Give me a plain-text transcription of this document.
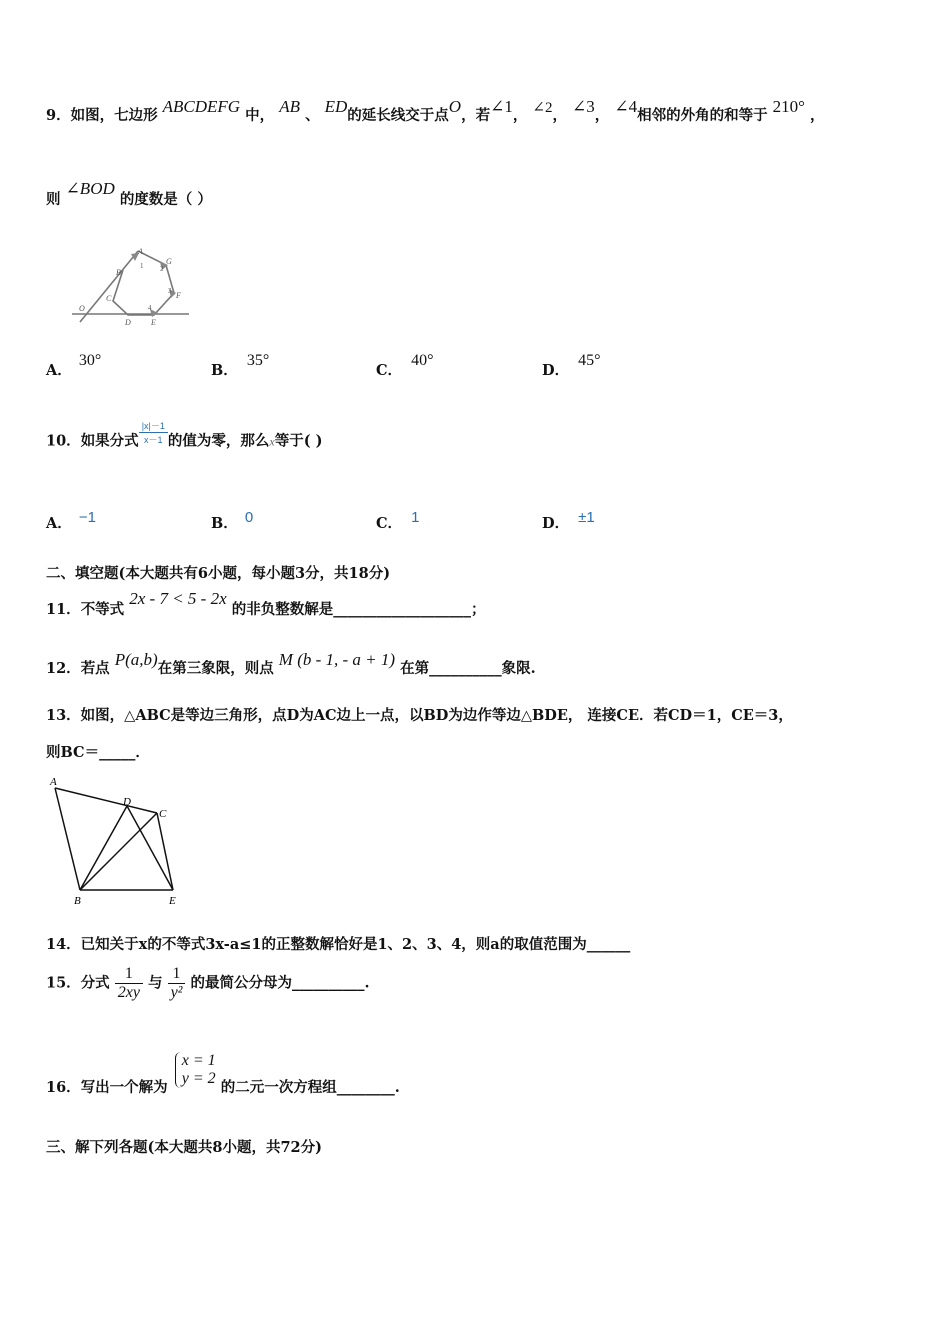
9．如图，七边形 ABCDEFG 中， AB 、 ED的延长线交于点O，若∠1， ∠2， ∠3， ∠4相邻的外角的和等于 210° ，
则 ∠BOD 的度数是（ ）
A
B
C
D	E
F
G
O
1 2
3
4
A． 30°
B． 35°
C． 40°
D． 45°
10．如果分式 $\frac{|x|-1}{x-1}$ 的值为零，那么x等于( )
A． −1	B． 0	C． 1	D． ±1
二、填空题(本大题共有6小题，每小题3分，共18分)
11．不等式 2x - 7 < 5 - 2x 的非负整数解是___________________；
12．若点 P(a,b)在第三象限，则点 M (b - 1, - a + 1) 在第__________象限.
13．如图，△ABC是等边三角形，点D为AC边上一点，以BD为边作等边△BDE， 连接CE．若CD＝1，CE＝3，
则BC＝_____．
A
B
C
D
E
14．已知关于x的不等式3x-a≤1的正整数解恰好是1、2、3、4，则a的取值范围为______
15．分式 $\frac{1}{2xy}$ 与 $\frac{1}{\text{y²}}$ 的最简公分母为__________.
16．写出一个解为
x = 1
y = 2
的二元一次方程组________.
三、解下列各题(本大题共8小题，共72分)
